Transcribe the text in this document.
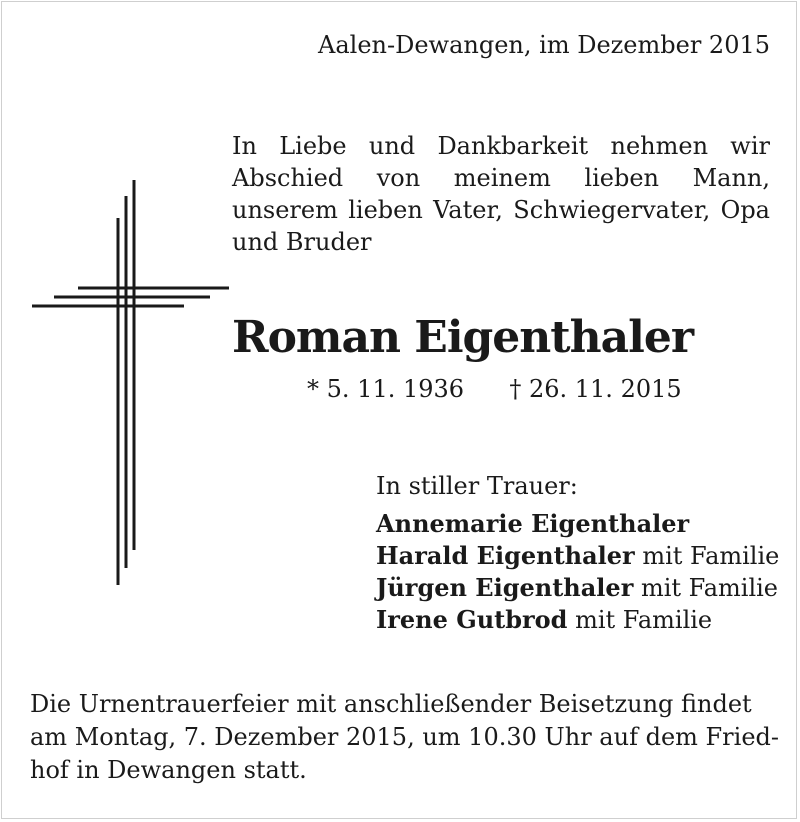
Aalen-Dewangen, im Dezember 2015
In Liebe und Dankbarkeit nehmen wir Abschied von meinem lieben Mann, unserem lieben Vater, Schwiegervater, Opa und Bruder
Roman Eigenthaler
* 5. 11. 1936 † 26. 11. 2015
In stiller Trauer:
Annemarie Eigenthaler
Harald Eigenthaler mit Familie
Jürgen Eigenthaler mit Familie
Irene Gutbrod mit Familie
Die Urnentrauerfeier mit anschließender Beisetzung findet
am Montag, 7. Dezember 2015, um 10.30 Uhr auf dem Fried-
hof in Dewangen statt.
